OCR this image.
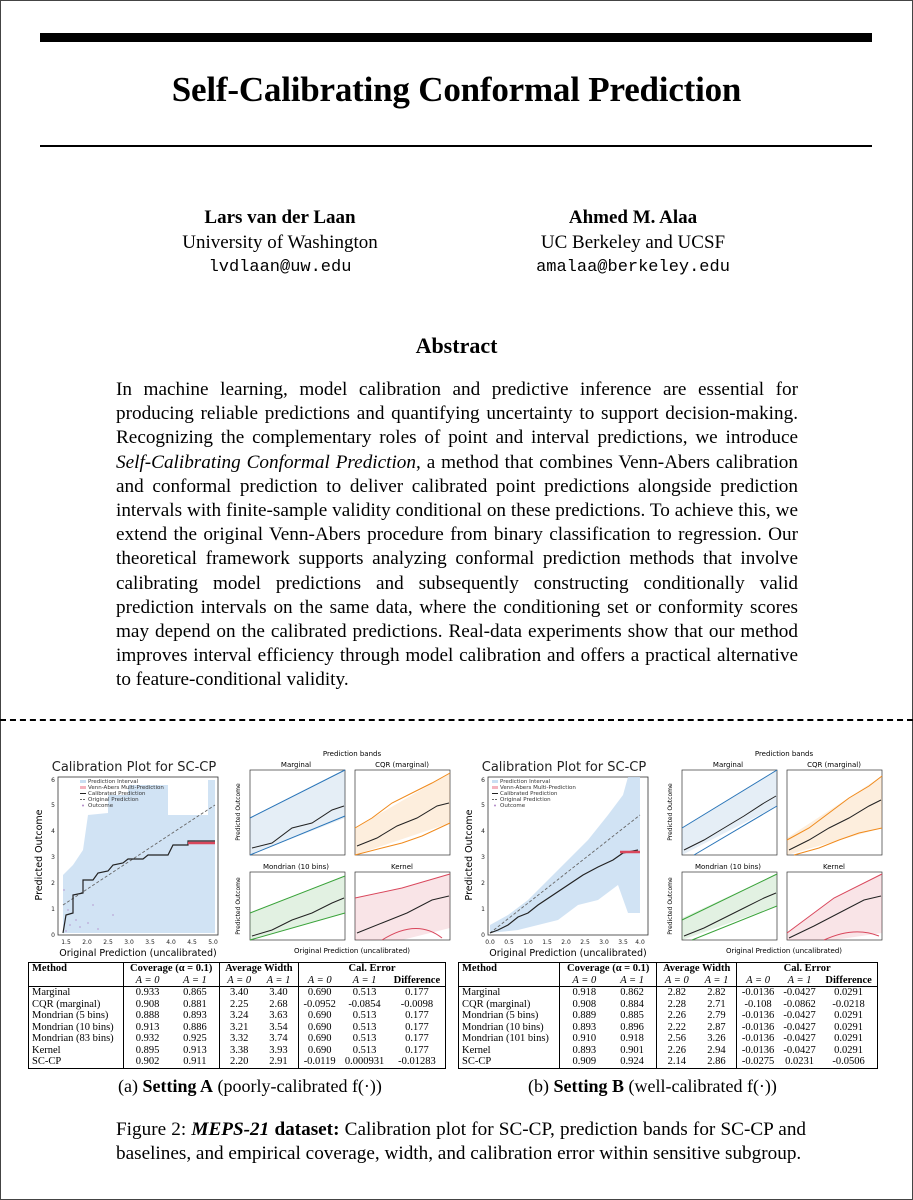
Self-Calibrating Conformal Prediction
Lars van der Laan
University of Washington
lvdlaan@uw.edu
Ahmed M. Alaa
UC Berkeley and UCSF
amalaa@berkeley.edu
Abstract
In machine learning, model calibration and predictive inference are essential for producing reliable predictions and quantifying uncertainty to support decision-making. Recognizing the complementary roles of point and interval predictions, we introduce Self-Calibrating Conformal Prediction, a method that combines Venn-Abers calibration and conformal prediction to deliver calibrated point predictions alongside prediction intervals with finite-sample validity conditional on these predictions. To achieve this, we extend the original Venn-Abers procedure from binary classification to regression. Our theoretical framework supports analyzing conformal prediction methods that involve calibrating model predictions and subsequently constructing conditionally valid prediction intervals on the same data, where the conditioning set or conformity scores may depend on the calibrated predictions. Real-data experiments show that our method improves interval efficiency through model calibration and offers a practical alternative to feature-conditional validity.
Calibration Plot for SC-CP
Prediction Interval
Venn-Abers Multi-Prediction
Calibrated Prediction
Original Prediction
Outcome
0
1
2
3
4
5
6
1.5 2.0 2.5 3.0 3.5 4.0 4.5 5.0
Original Prediction (uncalibrated)
Predicted Outcome
Prediction bands
Marginal	CQR (marginal)
Mondrian (10 bins)	Kernel
Original Prediction (uncalibrated)
Predicted Outcome
Predicted Outcome
Calibration Plot for SC-CP
Prediction Interval
Venn-Abers Multi-Prediction
Calibrated Prediction
Original Prediction
Outcome
0
1
2
3
4
5
6
0.0 0.5 1.0 1.5 2.0 2.5 3.0 3.5 4.0
Original Prediction (uncalibrated)
Predicted Outcome
Prediction bands
Marginal	CQR (marginal)
Mondrian (10 bins)	Kernel
Original Prediction (uncalibrated)
Predicted Outcome
Predicted Outcome
Method	Coverage (α = 0.1)		Average Width		Cal. Error		
	A = 0	A = 1	A = 0	A = 1	A = 0	A = 1	Difference
Marginal	0.933	0.865	3.40	3.40	0.690	0.513	0.177
CQR (marginal)	0.908	0.881	2.25	2.68	-0.0952	-0.0854	-0.0098
Mondrian (5 bins)	0.888	0.893	3.24	3.63	0.690	0.513	0.177
Mondrian (10 bins)	0.913	0.886	3.21	3.54	0.690	0.513	0.177
Mondrian (83 bins)	0.932	0.925	3.32	3.74	0.690	0.513	0.177
Kernel	0.895	0.913	3.38	3.93	0.690	0.513	0.177
SC-CP	0.902	0.911	2.20	2.91	-0.0119	0.000931	-0.01283
Method	Coverage (α = 0.1)		Average Width		Cal. Error		
	A = 0	A = 1	A = 0	A = 1	A = 0	A = 1	Difference
Marginal	0.918	0.862	2.82	2.82	-0.0136	-0.0427	0.0291
CQR (marginal)	0.908	0.884	2.28	2.71	-0.108	-0.0862	-0.0218
Mondrian (5 bins)	0.889	0.885	2.26	2.79	-0.0136	-0.0427	0.0291
Mondrian (10 bins)	0.893	0.896	2.22	2.87	-0.0136	-0.0427	0.0291
Mondrian (101 bins)	0.910	0.918	2.56	3.26	-0.0136	-0.0427	0.0291
Kernel	0.893	0.901	2.26	2.94	-0.0136	-0.0427	0.0291
SC-CP	0.909	0.924	2.14	2.86	-0.0275	0.0231	-0.0506
(a) Setting A (poorly-calibrated f(·))	(b) Setting B (well-calibrated f(·))
Figure 2: MEPS-21 dataset: Calibration plot for SC-CP, prediction bands for SC-CP and baselines, and empirical coverage, width, and calibration error within sensitive subgroup.
